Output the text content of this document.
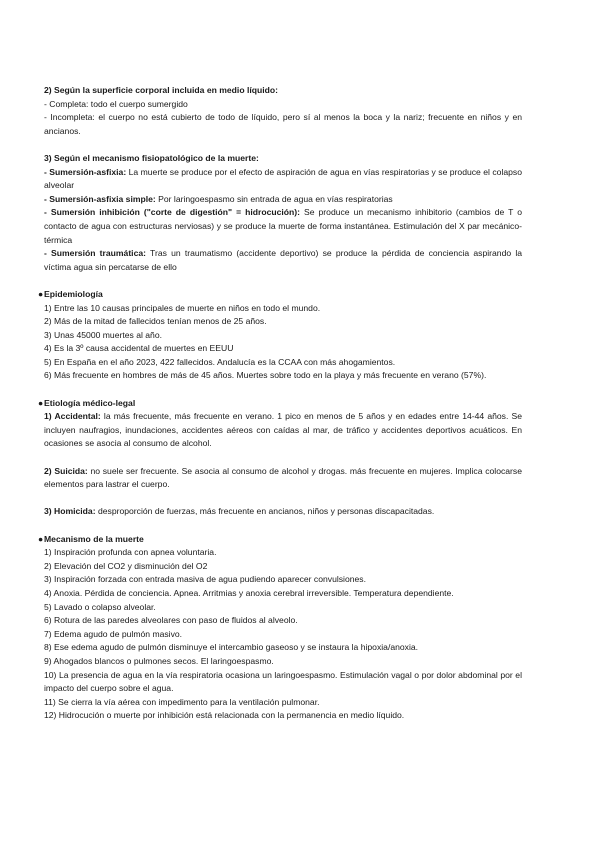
2) Según la superficie corporal incluida en medio líquido:

- Completa: todo el cuerpo sumergido

- Incompleta: el cuerpo no está cubierto de todo de líquido, pero sí al menos la boca y la nariz; frecuente en niños y en ancianos.

3) Según el mecanismo fisiopatológico de la muerte:

- Sumersión-asfixia: La muerte se produce por el efecto de aspiración de agua en vías respiratorias y se produce el colapso alveolar

- Sumersión-asfixia simple: Por laringoespasmo sin entrada de agua en vías respiratorias

- Sumersión inhibición ("corte de digestión" = hidrocución): Se produce un mecanismo inhibitorio (cambios de T o contacto de agua con estructuras nerviosas) y se produce la muerte de forma instantánea. Estimulación del X par mecánico-térmica

- Sumersión traumática: Tras un traumatismo (accidente deportivo) se produce la pérdida de conciencia aspirando la víctima agua sin percatarse de ello

●Epidemiología

1) Entre las 10 causas principales de muerte en niños en todo el mundo.

2) Más de la mitad de fallecidos tenían menos de 25 años.

3) Unas 45000 muertes al año.

4) Es la 3º causa accidental de muertes en EEUU

5) En España en el año 2023, 422 fallecidos. Andalucía es la CCAA con más ahogamientos.

6) Más frecuente en hombres de más de 45 años. Muertes sobre todo en la playa y más frecuente en verano (57%).

●Etiología médico-legal

1) Accidental: la más frecuente, más frecuente en verano. 1 pico en menos de 5 años y en edades entre 14-44 años. Se incluyen naufragios, inundaciones, accidentes aéreos con caídas al mar, de tráfico y accidentes deportivos acuáticos. En ocasiones se asocia al consumo de alcohol.

2) Suicida: no suele ser frecuente. Se asocia al consumo de alcohol y drogas. más frecuente en mujeres. Implica colocarse elementos para lastrar el cuerpo.

3) Homicida: desproporción de fuerzas, más frecuente en ancianos, niños y personas discapacitadas.

●Mecanismo de la muerte

1) Inspiración profunda con apnea voluntaria.

2) Elevación del CO2 y disminución del O2

3) Inspiración forzada con entrada masiva de agua pudiendo aparecer convulsiones.

4) Anoxia. Pérdida de conciencia. Apnea. Arritmias y anoxia cerebral irreversible. Temperatura dependiente.

5) Lavado o colapso alveolar.

6) Rotura de las paredes alveolares con paso de fluidos al alveolo.

7) Edema agudo de pulmón masivo.

8) Ese edema agudo de pulmón disminuye el intercambio gaseoso y se instaura la hipoxia/anoxia.

9) Ahogados blancos o pulmones secos. El laringoespasmo.

10) La presencia de agua en la vía respiratoria ocasiona un laringoespasmo. Estimulación vagal o por dolor abdominal por el impacto del cuerpo sobre el agua.

11) Se cierra la vía aérea con impedimento para la ventilación pulmonar.

12) Hidrocución o muerte por inhibición está relacionada con la permanencia en medio líquido.
